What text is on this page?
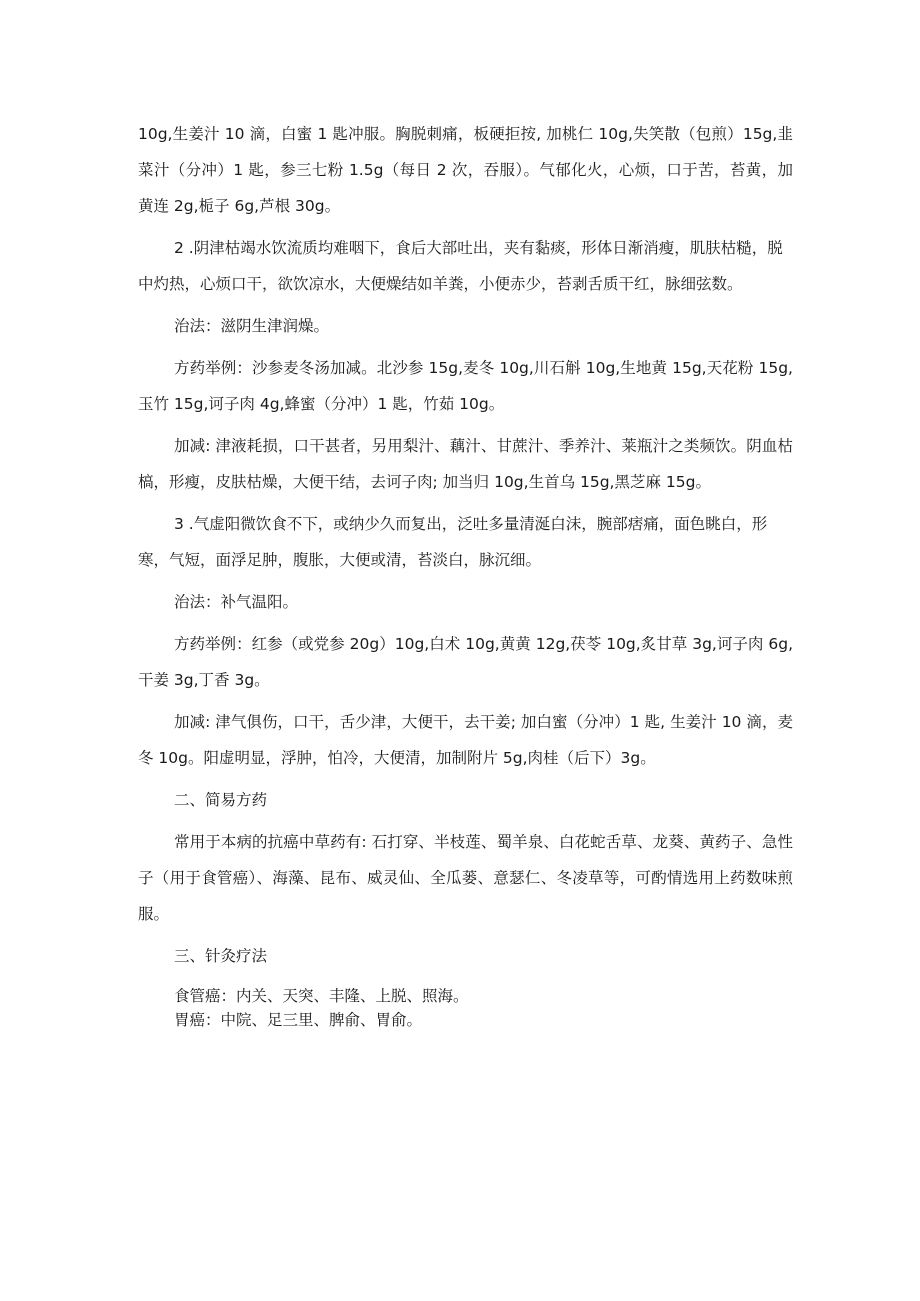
10g,生姜汁 10 滴，白蜜 1 匙冲服。胸脱刺痛，板硬拒按, 加桃仁 10g,失笑散（包煎）15g,韭菜汁（分冲）1 匙，参三七粉 1.5g（每日 2 次，吞服）。气郁化火，心烦，口于苦，苔黄，加黄连 2g,栀子 6g,芦根 30g。

2 .阴津枯竭水饮流质均难咽下，食后大部吐出，夹有黏痰，形体日渐消瘦，肌肤枯糙，脱中灼热，心烦口干，欲饮凉水，大便燥结如羊粪，小便赤少，苔剥舌质干红，脉细弦数。

治法：滋阴生津润燥。

方药举例：沙参麦冬汤加减。北沙参 15g,麦冬 10g,川石斛 10g,生地黄 15g,天花粉 15g,玉竹 15g,诃子肉 4g,蜂蜜（分冲）1 匙，竹茹 10g。

加减: 津液耗损，口干甚者，另用梨汁、藕汁、甘蔗汁、季养汁、莱瓶汁之类频饮。阴血枯槁，形瘦，皮肤枯燥，大便干结，去诃子肉; 加当归 10g,生首乌 15g,黑芝麻 15g。

3 .气虚阳微饮食不下，或纳少久而复出，泛吐多量清涎白沫，腕部痞痛，面色眺白，形寒，气短，面浮足肿，腹胀，大便或清，苔淡白，脉沉细。

治法：补气温阳。

方药举例：红参（或党参 20g）10g,白术 10g,黄黄 12g,茯苓 10g,炙甘草 3g,诃子肉 6g,干姜 3g,丁香 3g。

加减: 津气俱伤，口干，舌少津，大便干，去干姜; 加白蜜（分冲）1 匙, 生姜汁 10 滴，麦冬 10g。阳虚明显，浮肿，怕冷，大便清，加制附片 5g,肉桂（后下）3g。

二、简易方药

常用于本病的抗癌中草药有: 石打穿、半枝莲、蜀羊泉、白花蛇舌草、龙葵、黄药子、急性子（用于食管癌）、海藻、昆布、威灵仙、全瓜蒌、意瑟仁、冬凌草等，可酌情选用上药数味煎服。

三、针灸疗法

食管癌：内关、天突、丰隆、上脱、照海。

胃癌：中院、足三里、脾俞、胃俞。
